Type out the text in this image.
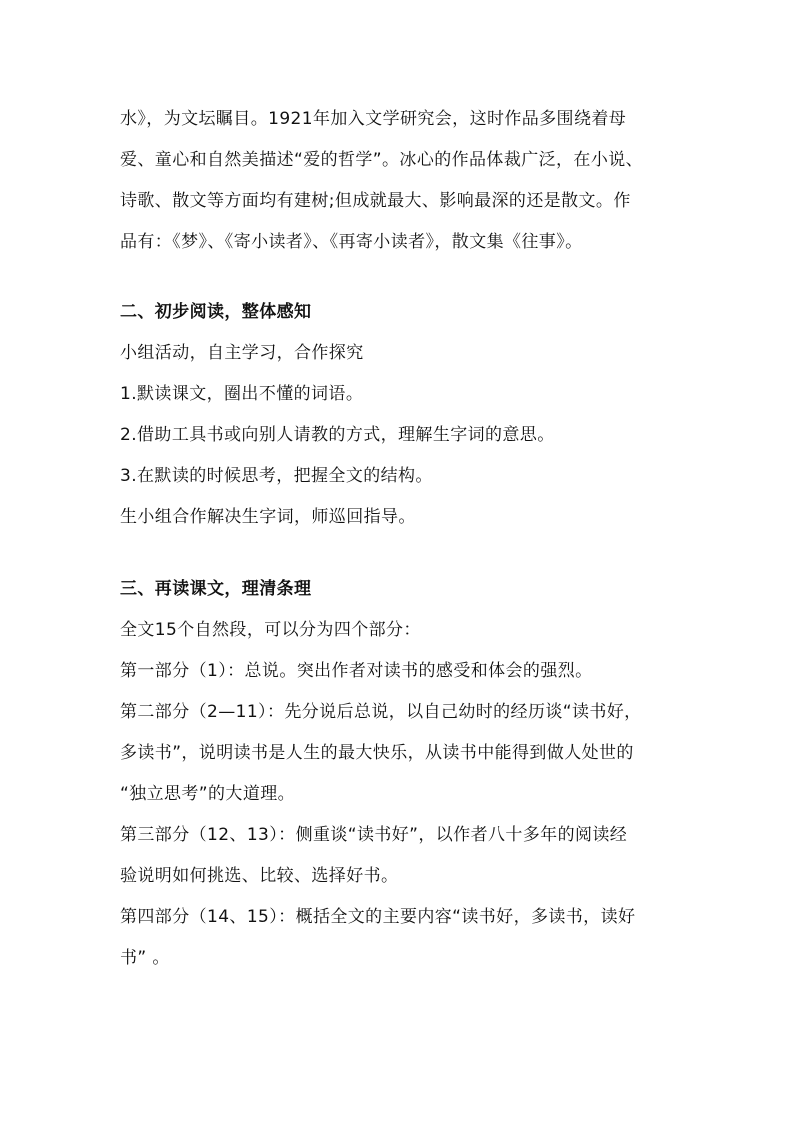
水》，为文坛瞩目。1921年加入文学研究会，这时作品多围绕着母
爱、童心和自然美描述“爱的哲学”。冰心的作品体裁广泛，在小说、
诗歌、散文等方面均有建树;但成就最大、影响最深的还是散文。作
品有：《梦》、《寄小读者》、《再寄小读者》，散文集《往事》。
二、初步阅读，整体感知
小组活动，自主学习，合作探究
1.默读课文，圈出不懂的词语。
2.借助工具书或向别人请教的方式，理解生字词的意思。
3.在默读的时候思考，把握全文的结构。
生小组合作解决生字词，师巡回指导。
三、再读课文，理清条理
全文15个自然段，可以分为四个部分：
第一部分（1）：总说。突出作者对读书的感受和体会的强烈。
第二部分（2—11）：先分说后总说，以自己幼时的经历谈“读书好，
多读书”，说明读书是人生的最大快乐，从读书中能得到做人处世的
“独立思考”的大道理。
第三部分（12、13）：侧重谈“读书好”，以作者八十多年的阅读经
验说明如何挑选、比较、选择好书。
第四部分（14、15）：概括全文的主要内容“读书好，多读书，读好
书” 。
